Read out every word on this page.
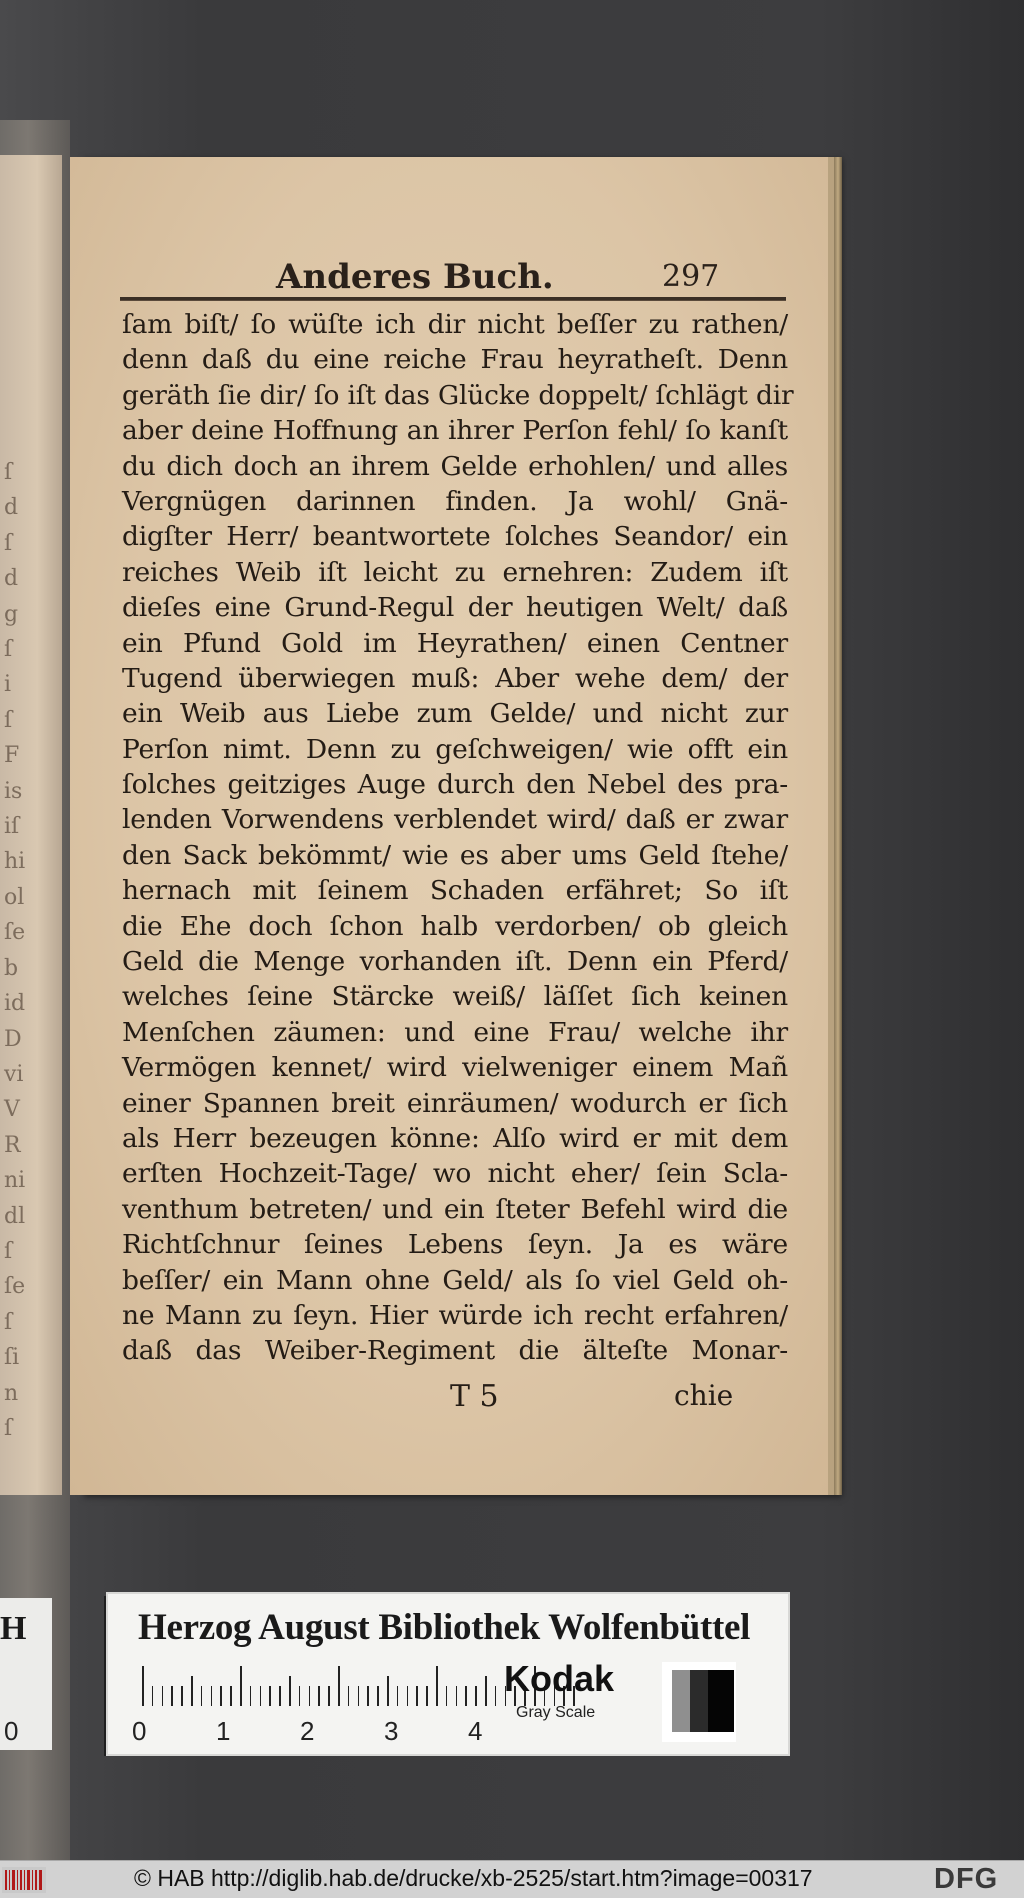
ſ
d
ſ
d
g
ſ
i
ſ
F
is
iſ
hi
ol
ſe
b
id
D
vi
V
R
ni
dl
ſ
ſe
ſ
ſi
n
ſ
Anderes Buch.	297
ſam biſt/ ſo wüſte ich dir nicht beſſer zu rathen/
denn daß du eine reiche Frau heyratheſt. Denn
geräth ſie dir/ ſo iſt das Glücke doppelt/ ſchlägt dir
aber deine Hoffnung an ihrer Perſon fehl/ ſo kanſt
du dich doch an ihrem Gelde erhohlen/ und alles
Vergnügen darinnen finden. Ja wohl/ Gnä-
digſter Herr/ beantwortete ſolches Seandor/ ein
reiches Weib iſt leicht zu ernehren: Zudem iſt
dieſes eine Grund-Regul der heutigen Welt/ daß
ein Pfund Gold im Heyrathen/ einen Centner
Tugend überwiegen muß: Aber wehe dem/ der
ein Weib aus Liebe zum Gelde/ und nicht zur
Perſon nimt. Denn zu geſchweigen/ wie offt ein
ſolches geitziges Auge durch den Nebel des pra-
lenden Vorwendens verblendet wird/ daß er zwar
den Sack bekömmt/ wie es aber ums Geld ſtehe/
hernach mit ſeinem Schaden erfähret; So iſt
die Ehe doch ſchon halb verdorben/ ob gleich
Geld die Menge vorhanden iſt. Denn ein Pferd/
welches ſeine Stärcke weiß/ läſſet ſich keinen
Menſchen zäumen: und eine Frau/ welche ihr
Vermögen kennet/ wird vielweniger einem Mañ
einer Spannen breit einräumen/ wodurch er ſich
als Herr bezeugen könne: Alſo wird er mit dem
erſten Hochzeit-Tage/ wo nicht eher/ ſein Scla-
venthum betreten/ und ein ſteter Befehl wird die
Richtſchnur ſeines Lebens ſeyn. Ja es wäre
beſſer/ ein Mann ohne Geld/ als ſo viel Geld oh-
ne Mann zu ſeyn. Hier würde ich recht erfahren/
daß das Weiber-Regiment die älteſte Monar-
T 5	chie
H
0
Herzog August Bibliothek Wolfenbüttel
0	1	2	3	4
Kodak
Gray Scale
© HAB http://diglib.hab.de/drucke/xb-2525/start.htm?image=00317	DFG
